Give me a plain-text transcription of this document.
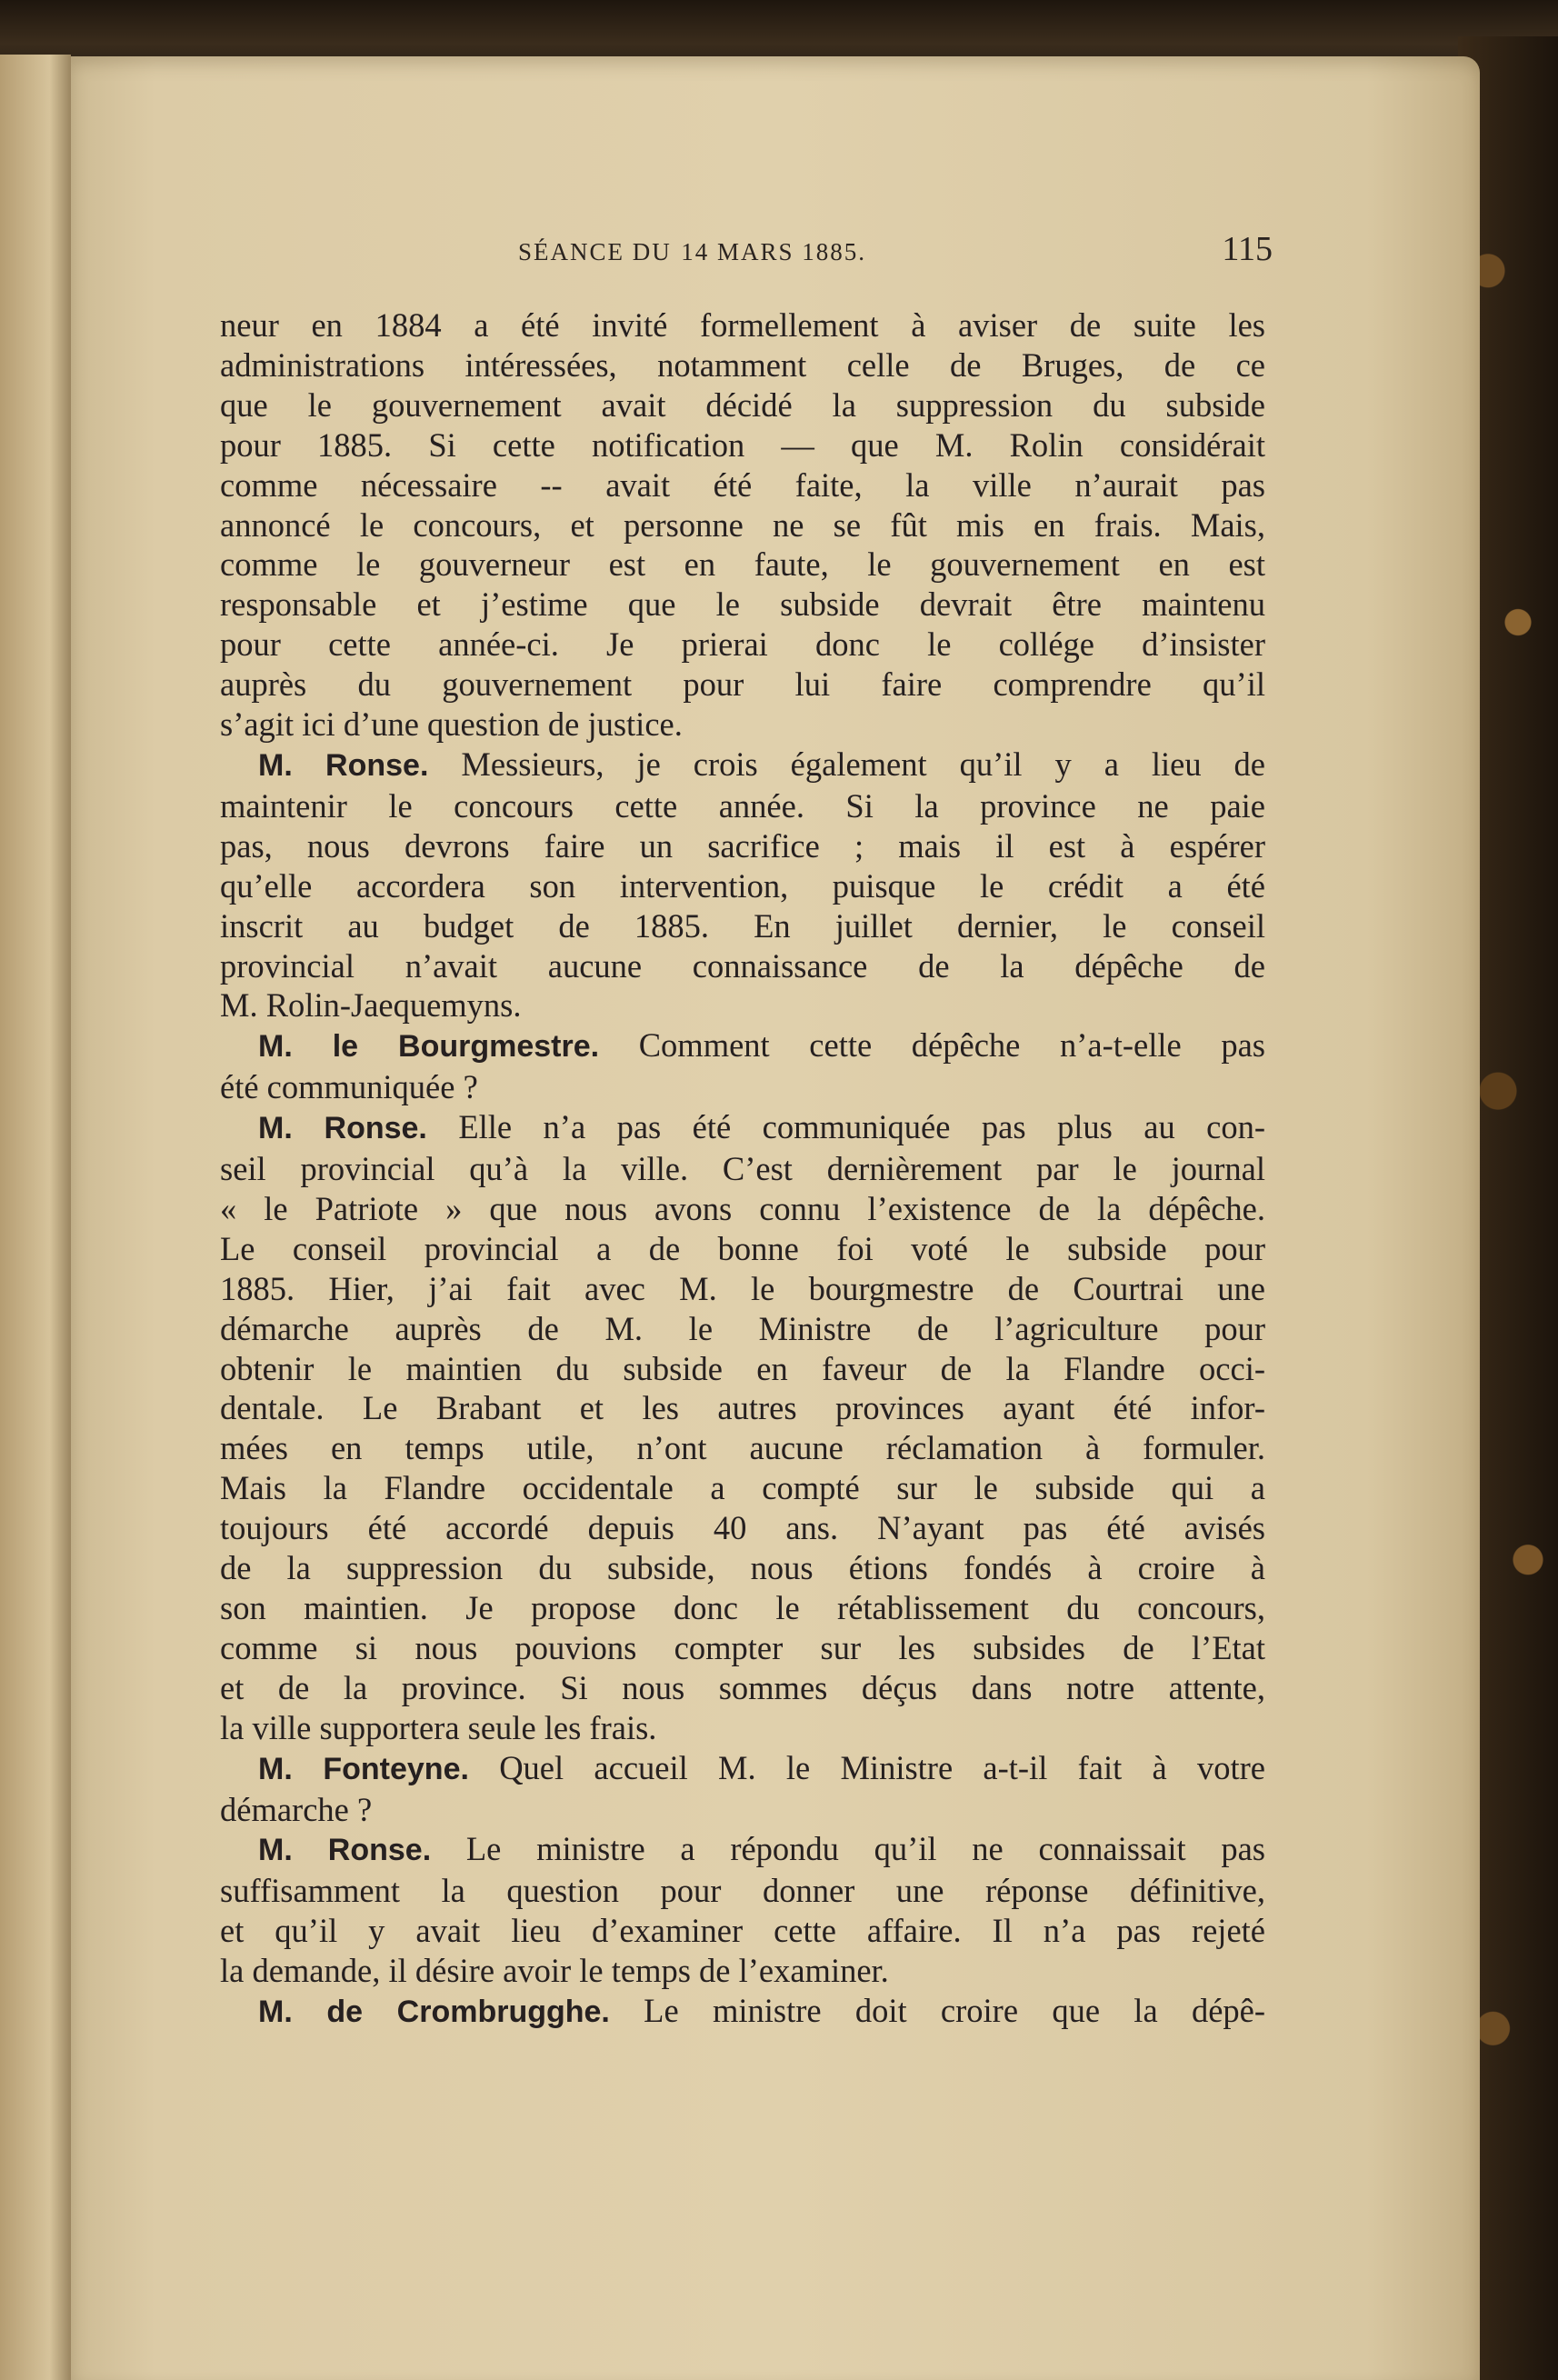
SÉANCE DU 14 MARS 1885.	115
neur en 1884 a été invité formellement à aviser de suite les
administrations intéressées, notamment celle de Bruges, de ce
que le gouvernement avait décidé la suppression du subside
pour 1885. Si cette notification — que M. Rolin considérait
comme nécessaire -- avait été faite, la ville n’aurait pas
annoncé le concours, et personne ne se fût mis en frais. Mais,
comme le gouverneur est en faute, le gouvernement en est
responsable et j’estime que le subside devrait être maintenu
pour cette année-ci. Je prierai donc le collége d’insister
auprès du gouvernement pour lui faire comprendre qu’il
s’agit ici d’une question de justice.
M. Ronse. Messieurs, je crois également qu’il y a lieu de
maintenir le concours cette année. Si la province ne paie
pas, nous devrons faire un sacrifice ; mais il est à espérer
qu’elle accordera son intervention, puisque le crédit a été
inscrit au budget de 1885. En juillet dernier, le conseil
provincial n’avait aucune connaissance de la dépêche de
M. Rolin-Jaequemyns.
M. le Bourgmestre. Comment cette dépêche n’a-t-elle pas
été communiquée ?
M. Ronse. Elle n’a pas été communiquée pas plus au con-
seil provincial qu’à la ville. C’est dernièrement par le journal
« le Patriote » que nous avons connu l’existence de la dépêche.
Le conseil provincial a de bonne foi voté le subside pour
1885. Hier, j’ai fait avec M. le bourgmestre de Courtrai une
démarche auprès de M. le Ministre de l’agriculture pour
obtenir le maintien du subside en faveur de la Flandre occi-
dentale. Le Brabant et les autres provinces ayant été infor-
mées en temps utile, n’ont aucune réclamation à formuler.
Mais la Flandre occidentale a compté sur le subside qui a
toujours été accordé depuis 40 ans. N’ayant pas été avisés
de la suppression du subside, nous étions fondés à croire à
son maintien. Je propose donc le rétablissement du concours,
comme si nous pouvions compter sur les subsides de l’Etat
et de la province. Si nous sommes déçus dans notre attente,
la ville supportera seule les frais.
M. Fonteyne. Quel accueil M. le Ministre a-t-il fait à votre
démarche ?
M. Ronse. Le ministre a répondu qu’il ne connaissait pas
suffisamment la question pour donner une réponse définitive,
et qu’il y avait lieu d’examiner cette affaire. Il n’a pas rejeté
la demande, il désire avoir le temps de l’examiner.
M. de Crombrugghe. Le ministre doit croire que la dépê-
